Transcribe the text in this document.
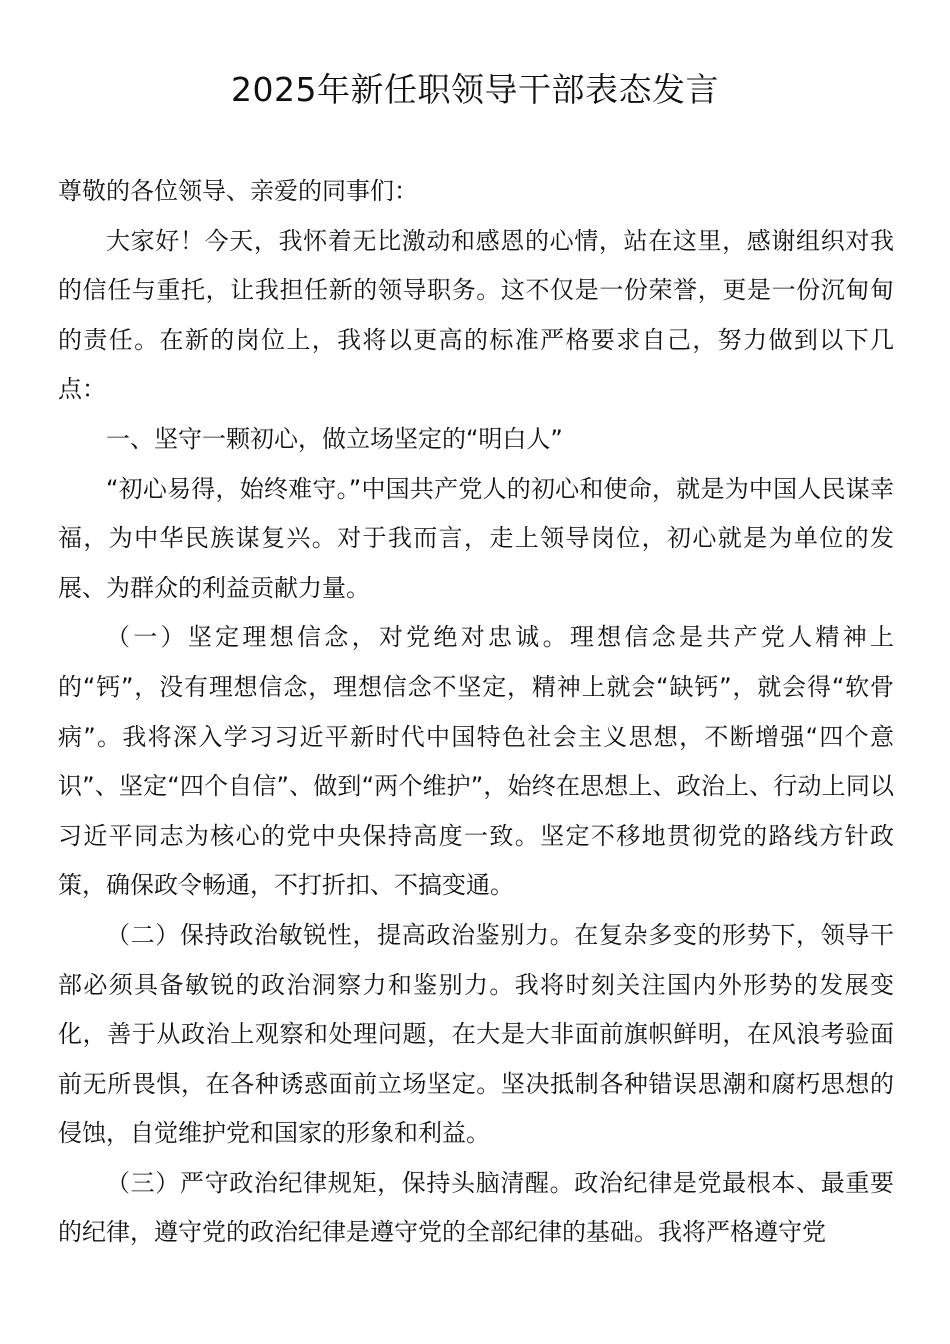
2025年新任职领导干部表态发言

尊敬的各位领导、亲爱的同事们：

大家好！今天，我怀着无比激动和感恩的心情，站在这里，感谢组织对我的信任与重托，让我担任新的领导职务。这不仅是一份荣誉，更是一份沉甸甸的责任。在新的岗位上，我将以更高的标准严格要求自己，努力做到以下几点：

一、坚守一颗初心，做立场坚定的“明白人”

“初心易得，始终难守。”中国共产党人的初心和使命，就是为中国人民谋幸福，为中华民族谋复兴。对于我而言，走上领导岗位，初心就是为单位的发展、为群众的利益贡献力量。

（一）坚定理想信念，对党绝对忠诚。理想信念是共产党人精神上的“钙”，没有理想信念，理想信念不坚定，精神上就会“缺钙”，就会得“软骨病”。我将深入学习习近平新时代中国特色社会主义思想，不断增强“四个意识”、坚定“四个自信”、做到“两个维护”，始终在思想上、政治上、行动上同以习近平同志为核心的党中央保持高度一致。坚定不移地贯彻党的路线方针政策，确保政令畅通，不打折扣、不搞变通。

（二）保持政治敏锐性，提高政治鉴别力。在复杂多变的形势下，领导干部必须具备敏锐的政治洞察力和鉴别力。我将时刻关注国内外形势的发展变化，善于从政治上观察和处理问题，在大是大非面前旗帜鲜明，在风浪考验面前无所畏惧，在各种诱惑面前立场坚定。坚决抵制各种错误思潮和腐朽思想的侵蚀，自觉维护党和国家的形象和利益。

（三）严守政治纪律规矩，保持头脑清醒。政治纪律是党最根本、最重要的纪律，遵守党的政治纪律是遵守党的全部纪律的基础。我将严格遵守党
